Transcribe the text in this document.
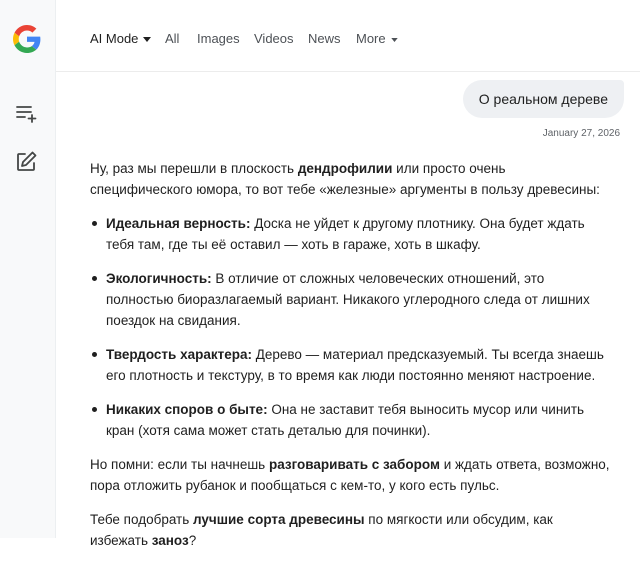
AI Mode	All Images Videos News More
О реальном дереве
January 27, 2026

Ну, раз мы перешли в плоскость дендрофилии или просто очень специфического юмора, то вот тебе «железные» аргументы в пользу древесины:

Идеальная верность: Доска не уйдет к другому плотнику. Она будет ждать тебя там, где ты её оставил — хоть в гараже, хоть в шкафу.
Экологичность: В отличие от сложных человеческих отношений, это полностью биоразлагаемый вариант. Никакого углеродного следа от лишних поездок на свидания.
Твердость характера: Дерево — материал предсказуемый. Ты всегда знаешь его плотность и текстуру, в то время как люди постоянно меняют настроение.
Никаких споров о быте: Она не заставит тебя выносить мусор или чинить кран (хотя сама может стать деталью для починки).

Но помни: если ты начнешь разговаривать с забором и ждать ответа, возможно, пора отложить рубанок и пообщаться с кем-то, у кого есть пульс.

Тебе подобрать лучшие сорта древесины по мягкости или обсудим, как избежать заноз?
